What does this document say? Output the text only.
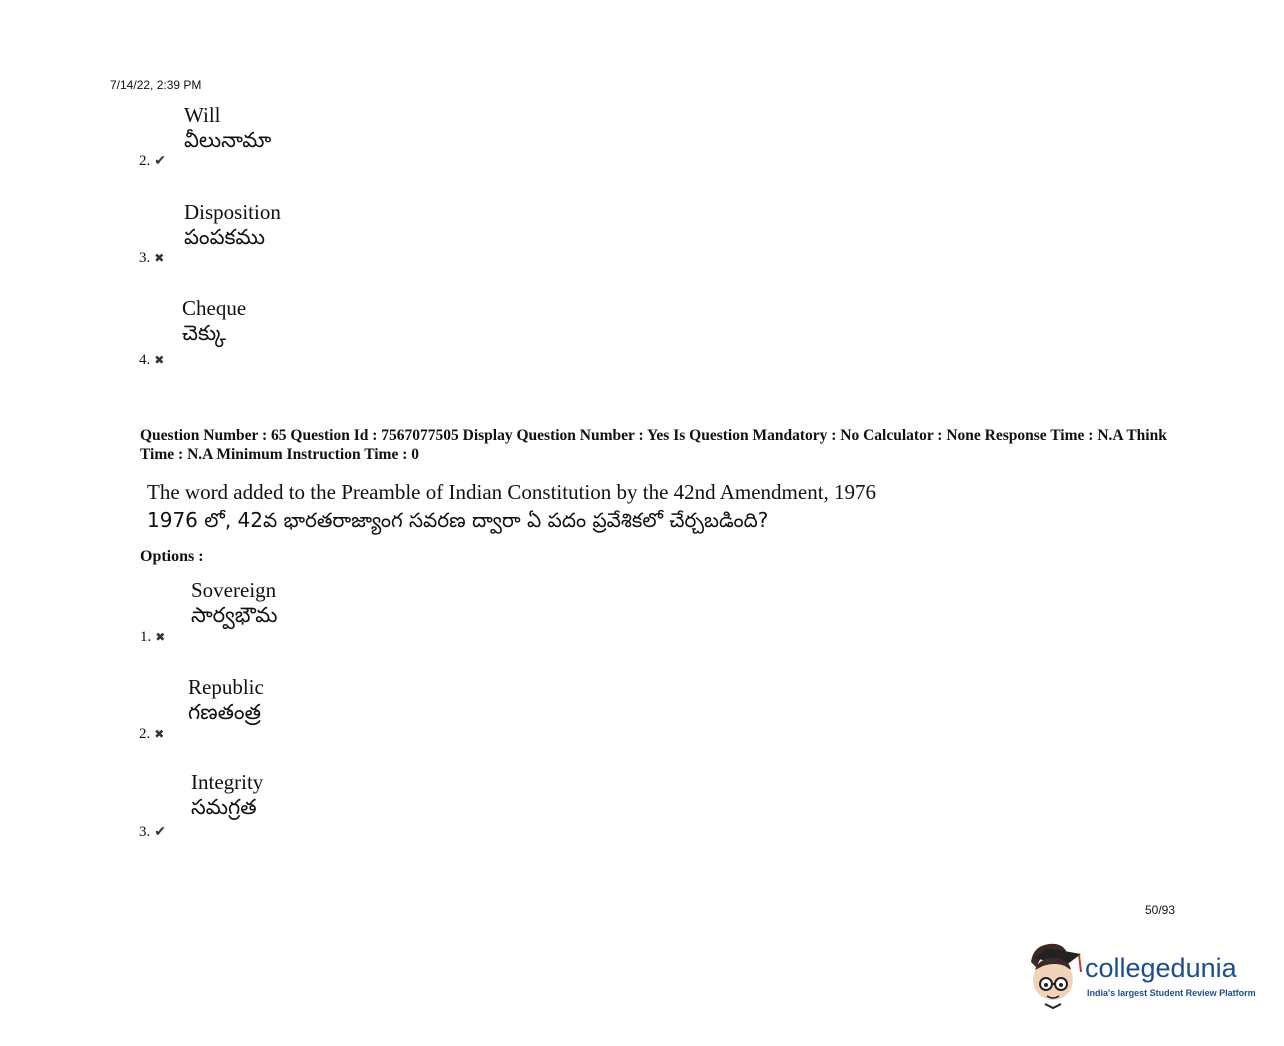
7/14/22, 2:39 PM
Will
వీలునామా
2. ✔
Disposition
పంపకము
3. ✖
Cheque
చెక్కు
4. ✖
Question Number : 65 Question Id : 7567077505 Display Question Number : Yes Is Question Mandatory : No Calculator : None Response Time : N.A Think Time : N.A Minimum Instruction Time : 0
The word added to the Preamble of Indian Constitution by the 42nd Amendment, 1976
1976 లో, 42వ భారతరాజ్యాంగ సవరణ ద్వారా ఏ పదం ప్రవేశికలో చేర్చబడింది?
Options :
Sovereign
సార్వభౌమ
1. ✖
Republic
గణతంత్ర
2. ✖
Integrity
సమగ్రత
3. ✔
50/93
collegedunia
India's largest Student Review Platform
